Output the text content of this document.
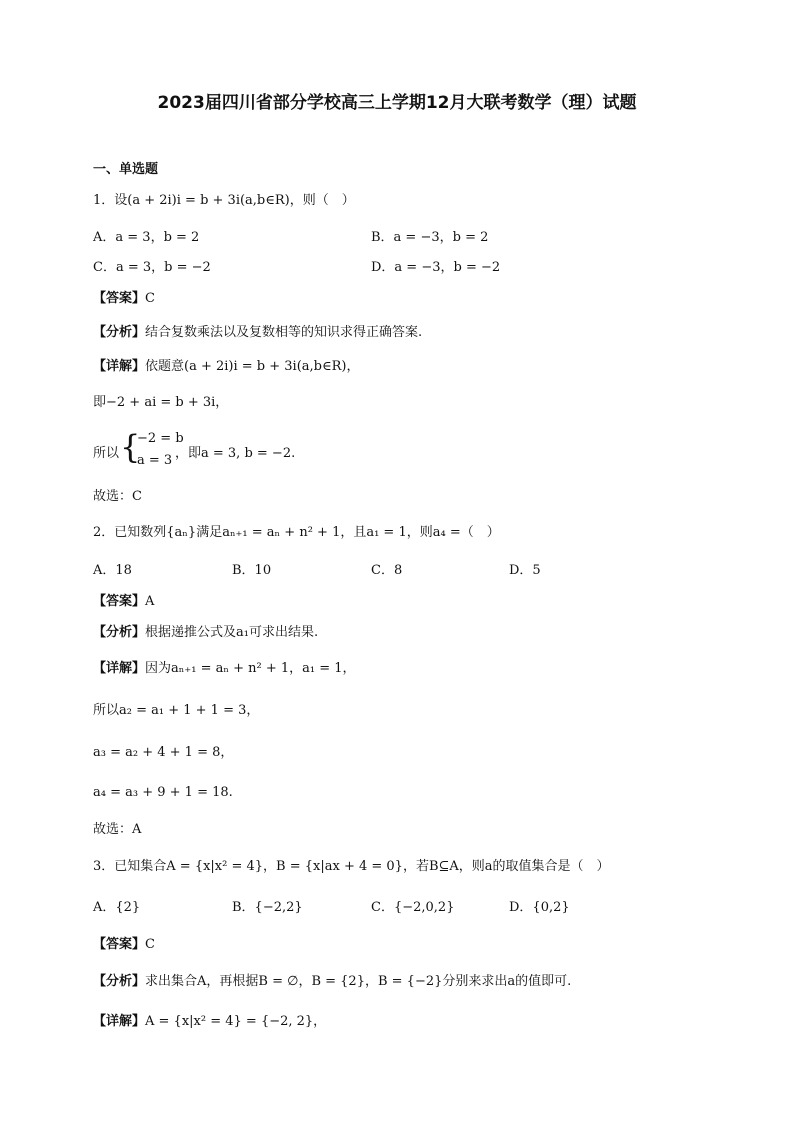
2023届四川省部分学校高三上学期12月大联考数学（理）试题
一、单选题
1．设(a + 2i)i = b + 3i(a,b∈R)，则（　）
A．a = 3，b = 2	B．a = −3，b = 2
C．a = 3，b = −2	D．a = −3，b = −2
【答案】C
【分析】结合复数乘法以及复数相等的知识求得正确答案.
【详解】依题意(a + 2i)i = b + 3i(a,b∈R)，
即−2 + ai = b + 3i，
所以 {
−2 = b
a = 3 ，即a = 3, b = −2.
故选：C
2．已知数列{aₙ}满足aₙ₊₁ = aₙ + n² + 1，且a₁ = 1，则a₄ =（　）
A．18	B．10	C．8	D．5
【答案】A
【分析】根据递推公式及a₁可求出结果.
【详解】因为aₙ₊₁ = aₙ + n² + 1，a₁ = 1，
所以a₂ = a₁ + 1 + 1 = 3，
a₃ = a₂ + 4 + 1 = 8，
a₄ = a₃ + 9 + 1 = 18.
故选：A
3．已知集合A = {x|x² = 4}，B = {x|ax + 4 = 0}，若B⊆A，则a的取值集合是（　）
A．{2}	B．{−2,2}	C．{−2,0,2}	D．{0,2}
【答案】C
【分析】求出集合A，再根据B = ∅，B = {2}，B = {−2}分别来求出a的值即可.
【详解】A = {x|x² = 4} = {−2, 2}，
